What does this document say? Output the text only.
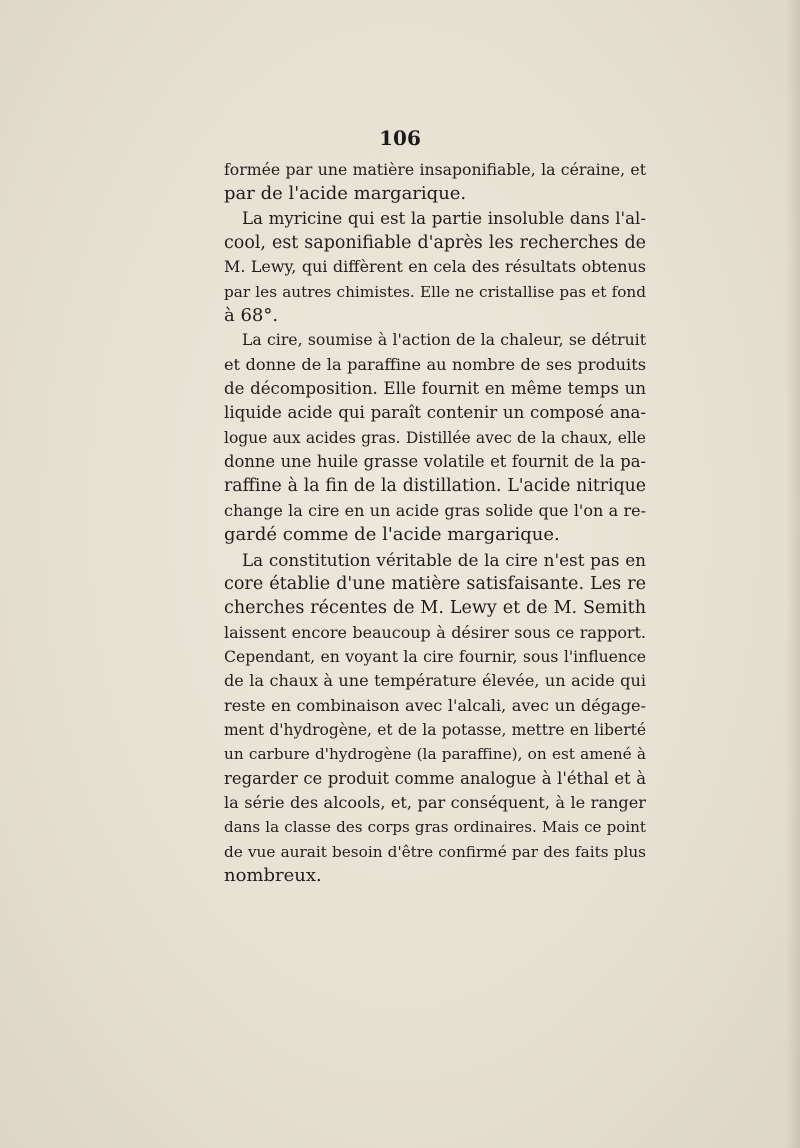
106
formée par une matière insaponifiable, la céraine, et
par de l'acide margarique.
La myricine qui est la partie insoluble dans l'al-
cool, est saponifiable d'après les recherches de
M. Lewy, qui diffèrent en cela des résultats obtenus
par les autres chimistes. Elle ne cristallise pas et fond
à 68°.
La cire, soumise à l'action de la chaleur, se détruit
et donne de la paraffine au nombre de ses produits
de décomposition. Elle fournit en même temps un
liquide acide qui paraît contenir un composé ana-
logue aux acides gras. Distillée avec de la chaux, elle
donne une huile grasse volatile et fournit de la pa-
raffine à la fin de la distillation. L'acide nitrique
change la cire en un acide gras solide que l'on a re-
gardé comme de l'acide margarique.
La constitution véritable de la cire n'est pas en
core établie d'une matière satisfaisante. Les re
cherches récentes de M. Lewy et de M. Semith
laissent encore beaucoup à désirer sous ce rapport.
Cependant, en voyant la cire fournir, sous l'influence
de la chaux à une température élevée, un acide qui
reste en combinaison avec l'alcali, avec un dégage-
ment d'hydrogène, et de la potasse, mettre en liberté
un carbure d'hydrogène (la paraffine), on est amené à
regarder ce produit comme analogue à l'éthal et à
la série des alcools, et, par conséquent, à le ranger
dans la classe des corps gras ordinaires. Mais ce point
de vue aurait besoin d'être confirmé par des faits plus
nombreux.
